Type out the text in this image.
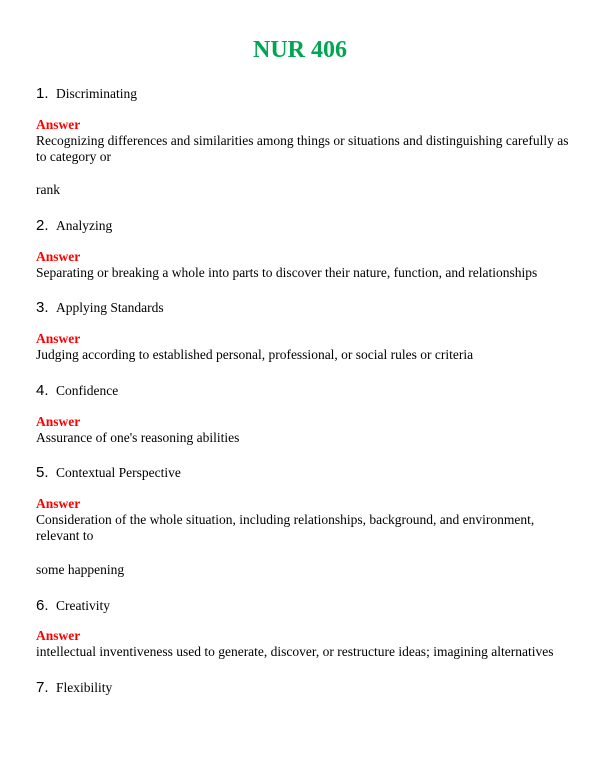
NUR 406
1. Discriminating
Answer
Recognizing differences and similarities among things or situations and distinguishing carefully as to category or
rank
2. Analyzing
Answer
Separating or breaking a whole into parts to discover their nature, function, and relationships
3. Applying Standards
Answer
Judging according to established personal, professional, or social rules or criteria
4. Confidence
Answer
Assurance of one's reasoning abilities
5. Contextual Perspective
Answer
Consideration of the whole situation, including relationships, background, and environment, relevant to
some happening
6. Creativity
Answer
intellectual inventiveness used to generate, discover, or restructure ideas; imagining alternatives
7. Flexibility
